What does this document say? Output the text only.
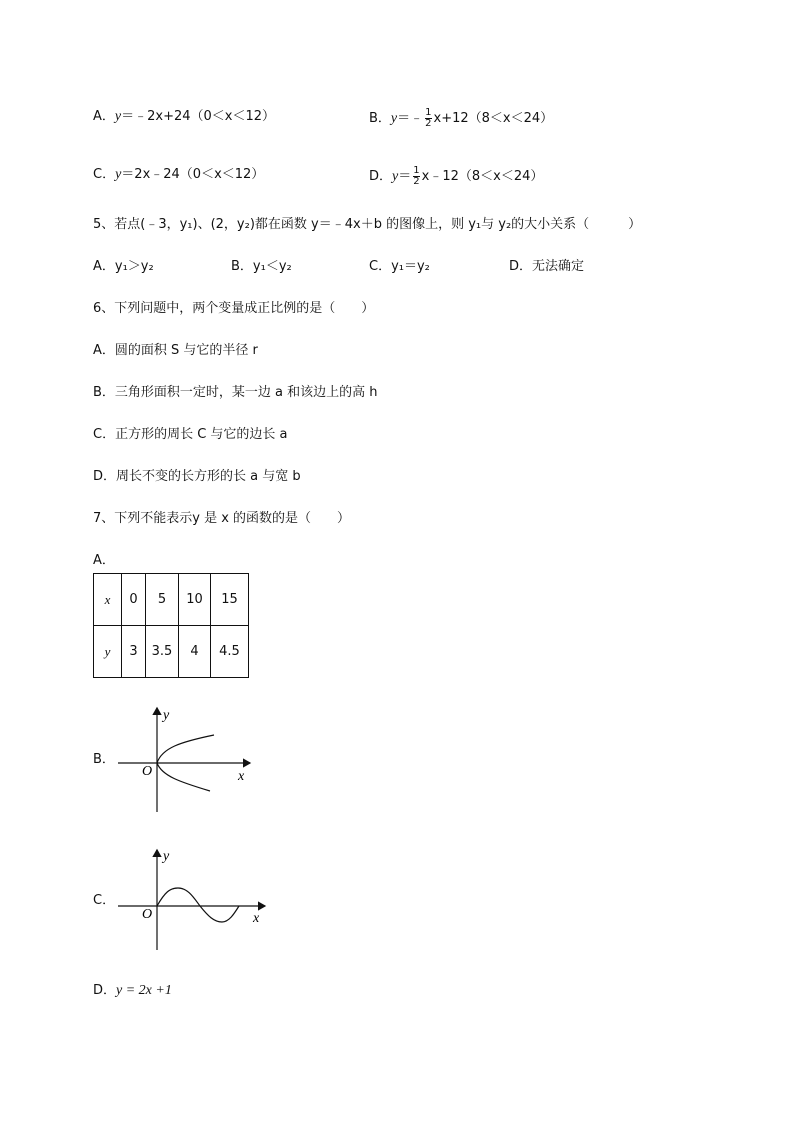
A．y＝﹣2x+24（0＜x＜12）	B．y＝﹣ $\frac{1}{2} x+12(8<x<24)$
C．y＝2x﹣24（0＜x＜12）	D．$y= \frac{1}{2}$ x﹣12（8＜x＜24）
5、若点(﹣3，y₁)、(2，y₂)都在函数 y＝﹣4x＋b 的图像上，则 y₁与 y₂的大小关系（　　　）
A．y₁＞y₂	B．y₁＜y₂	C．y₁＝y₂	D．无法确定
6、下列问题中，两个变量成正比例的是（　　）
A．圆的面积 S 与它的半径 r
B．三角形面积一定时，某一边 a 和该边上的高 h
C．正方形的周长 C 与它的边长 a
D．周长不变的长方形的长 a 与宽 b
7、下列不能表示y 是 x 的函数的是（　　）
A．
x	0	5	10	15
y	3	3.5	4	4.5
B．
y
x
O
C．
y
x
O
D．y = 2x +1
